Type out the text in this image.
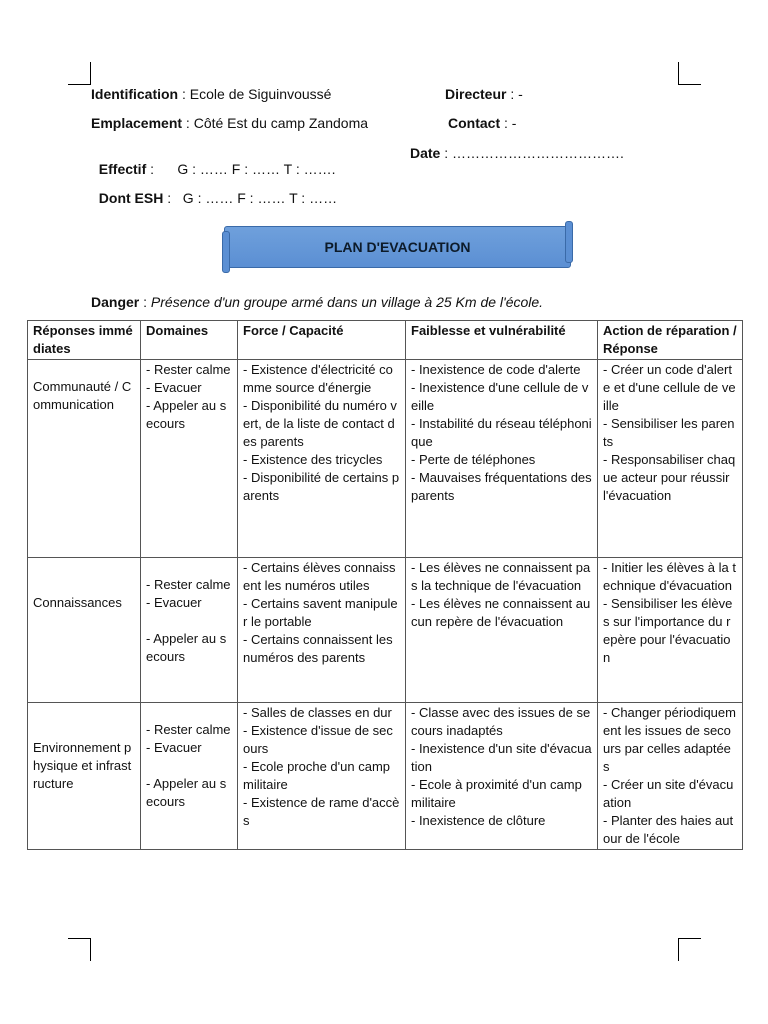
Identification : Ecole de Siguinvoussé	Directeur : -
Emplacement : Côté Est du camp Zandoma	Contact : -

Effectif :      G : …… F : …… T : …….

Date : ……………………………….

Dont ESH :   G : …… F : …… T : ……

PLAN D'EVACUATION
Danger : Présence d'un groupe armé dans un village à 25 Km de l'école.
Réponses immédiates	Domaines	Force / Capacité	Faiblesse et vulnérabilité	Action de réparation / Réponse
Communauté / Communication	- Rester calme
- Evacuer
- Appeler au secours	- Existence d'électricité comme source d'énergie
- Disponibilité du numéro vert, de la liste de contact des parents
- Existence des tricycles
- Disponibilité de certains parents	- Inexistence de code d'alerte
- Inexistence d'une cellule de veille
- Instabilité du réseau téléphonique
- Perte de téléphones
- Mauvaises fréquentations des parents	- Créer un code d'alerte et d'une cellule de veille
- Sensibiliser les parents
- Responsabiliser chaque acteur pour réussir l'évacuation

Connaissances	- Rester calme
- Evacuer
- Appeler au secours	- Certains élèves connaissent les numéros utiles
- Certains savent manipuler le portable
- Certains connaissent les numéros des parents	- Les élèves ne connaissent pas la technique de l'évacuation
- Les élèves ne connaissent aucun repère de l'évacuation	- Initier les élèves à la technique d'évacuation
- Sensibiliser les élèves sur l'importance du repère pour l'évacuation

Environnement physique et infrastructure	- Rester calme
- Evacuer
- Appeler au secours	- Salles de classes en dur
- Existence d'issue de secours
- Ecole proche d'un camp militaire
- Existence de rame d'accès	- Classe avec des issues de secours inadaptés
- Inexistence d'un site d'évacuation
- Ecole à proximité d'un camp militaire
- Inexistence de clôture	- Changer périodiquement les issues de secours par celles adaptées
- Créer un site d'évacuation
- Planter des haies autour de l'école
